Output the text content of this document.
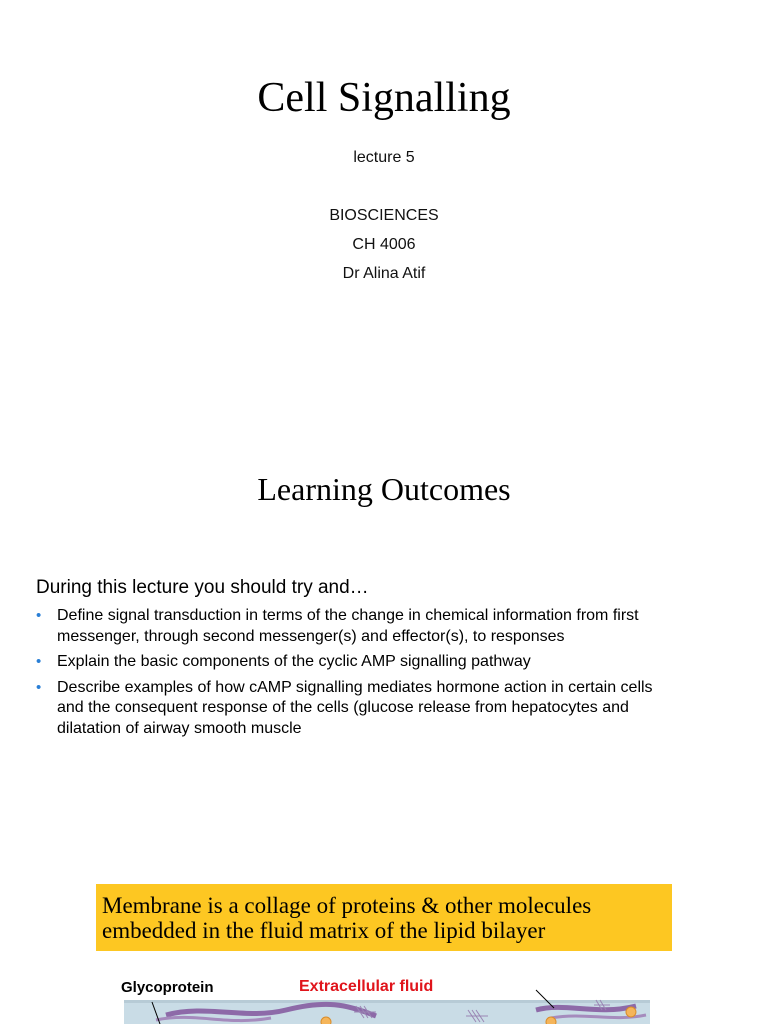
Cell Signalling
lecture 5
BIOSCIENCES
CH 4006
Dr Alina Atif
Learning Outcomes
During this lecture you should try and…
• Define signal transduction in terms of the change in chemical information from first
messenger, through second messenger(s) and effector(s), to responses
• Explain the basic components of the cyclic AMP signalling pathway
• Describe examples of how cAMP signalling mediates hormone action in certain cells
and the consequent response of the cells (glucose release from hepatocytes and
dilatation of airway smooth muscle
Membrane is a collage of proteins & other molecules
embedded in the fluid matrix of the lipid bilayer
Glycoprotein	Extracellular fluid
